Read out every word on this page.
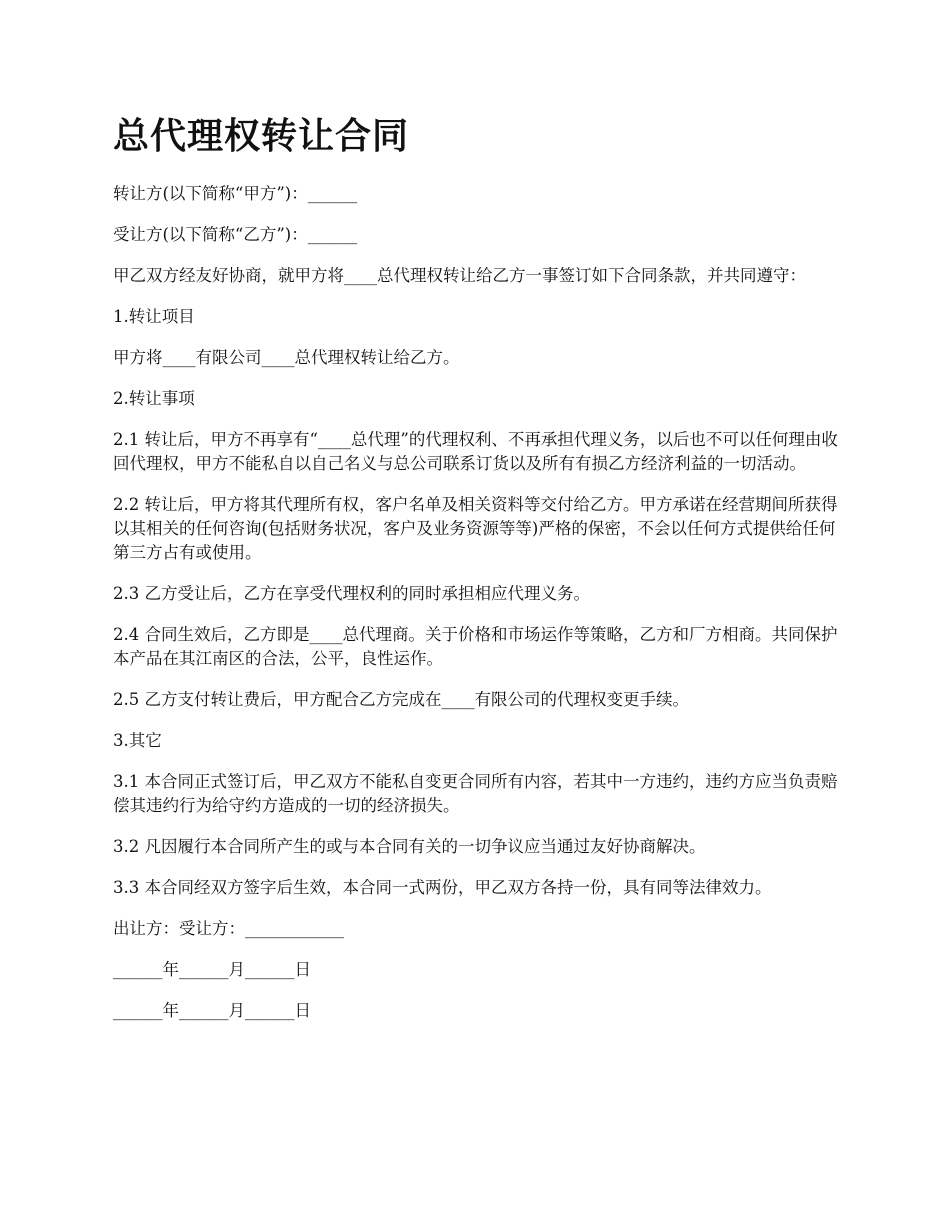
总代理权转让合同

转让方(以下简称“甲方”)：______

受让方(以下简称“乙方”)：______

甲乙双方经友好协商，就甲方将____总代理权转让给乙方一事签订如下合同条款，并共同遵守：

1.转让项目

甲方将____有限公司____总代理权转让给乙方。

2.转让事项

2.1 转让后，甲方不再享有“____总代理”的代理权利、不再承担代理义务，以后也不可以任何理由收回代理权，甲方不能私自以自己名义与总公司联系订货以及所有有损乙方经济利益的一切活动。

2.2 转让后，甲方将其代理所有权，客户名单及相关资料等交付给乙方。甲方承诺在经营期间所获得以其相关的任何咨询(包括财务状况，客户及业务资源等等)严格的保密，不会以任何方式提供给任何第三方占有或使用。

2.3 乙方受让后，乙方在享受代理权利的同时承担相应代理义务。

2.4 合同生效后，乙方即是____总代理商。关于价格和市场运作等策略，乙方和厂方相商。共同保护本产品在其江南区的合法，公平，良性运作。

2.5 乙方支付转让费后，甲方配合乙方完成在____有限公司的代理权变更手续。

3.其它

3.1 本合同正式签订后，甲乙双方不能私自变更合同所有内容，若其中一方违约，违约方应当负责赔偿其违约行为给守约方造成的一切的经济损失。

3.2 凡因履行本合同所产生的或与本合同有关的一切争议应当通过友好协商解决。

3.3 本合同经双方签字后生效，本合同一式两份，甲乙双方各持一份，具有同等法律效力。

出让方：受让方：____________

______年______月______日

______年______月______日
